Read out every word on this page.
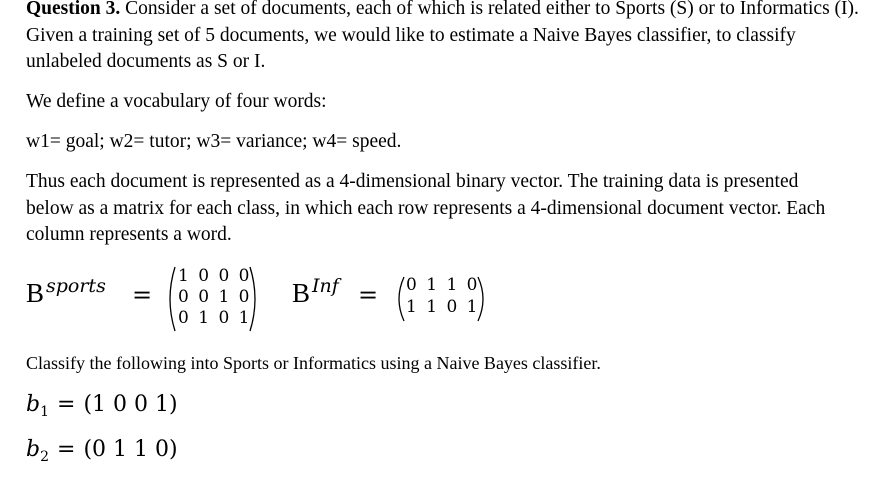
Question 3. Consider a set of documents, each of which is related either to Sports (S) or to Informatics (I). Given a training set of 5 documents, we would like to estimate a Naive Bayes classifier, to classify unlabeled documents as S or I.

We define a vocabulary of four words:

w1= goal; w2= tutor; w3= variance; w4= speed.

Thus each document is represented as a 4-dimensional binary vector. The training data is presented below as a matrix for each class, in which each row represents a 4-dimensional document vector. Each column represents a word.

B sports =
1 0 0 0
0 0 1 0
0 1 0 1
B Inf = 0 1 1 0
1 1 0 1

Classify the following into Sports or Informatics using a Naive Bayes classifier.

$b_1 = (1$ 0 0 1)
$b_2 = (0$ 1 1 0)
